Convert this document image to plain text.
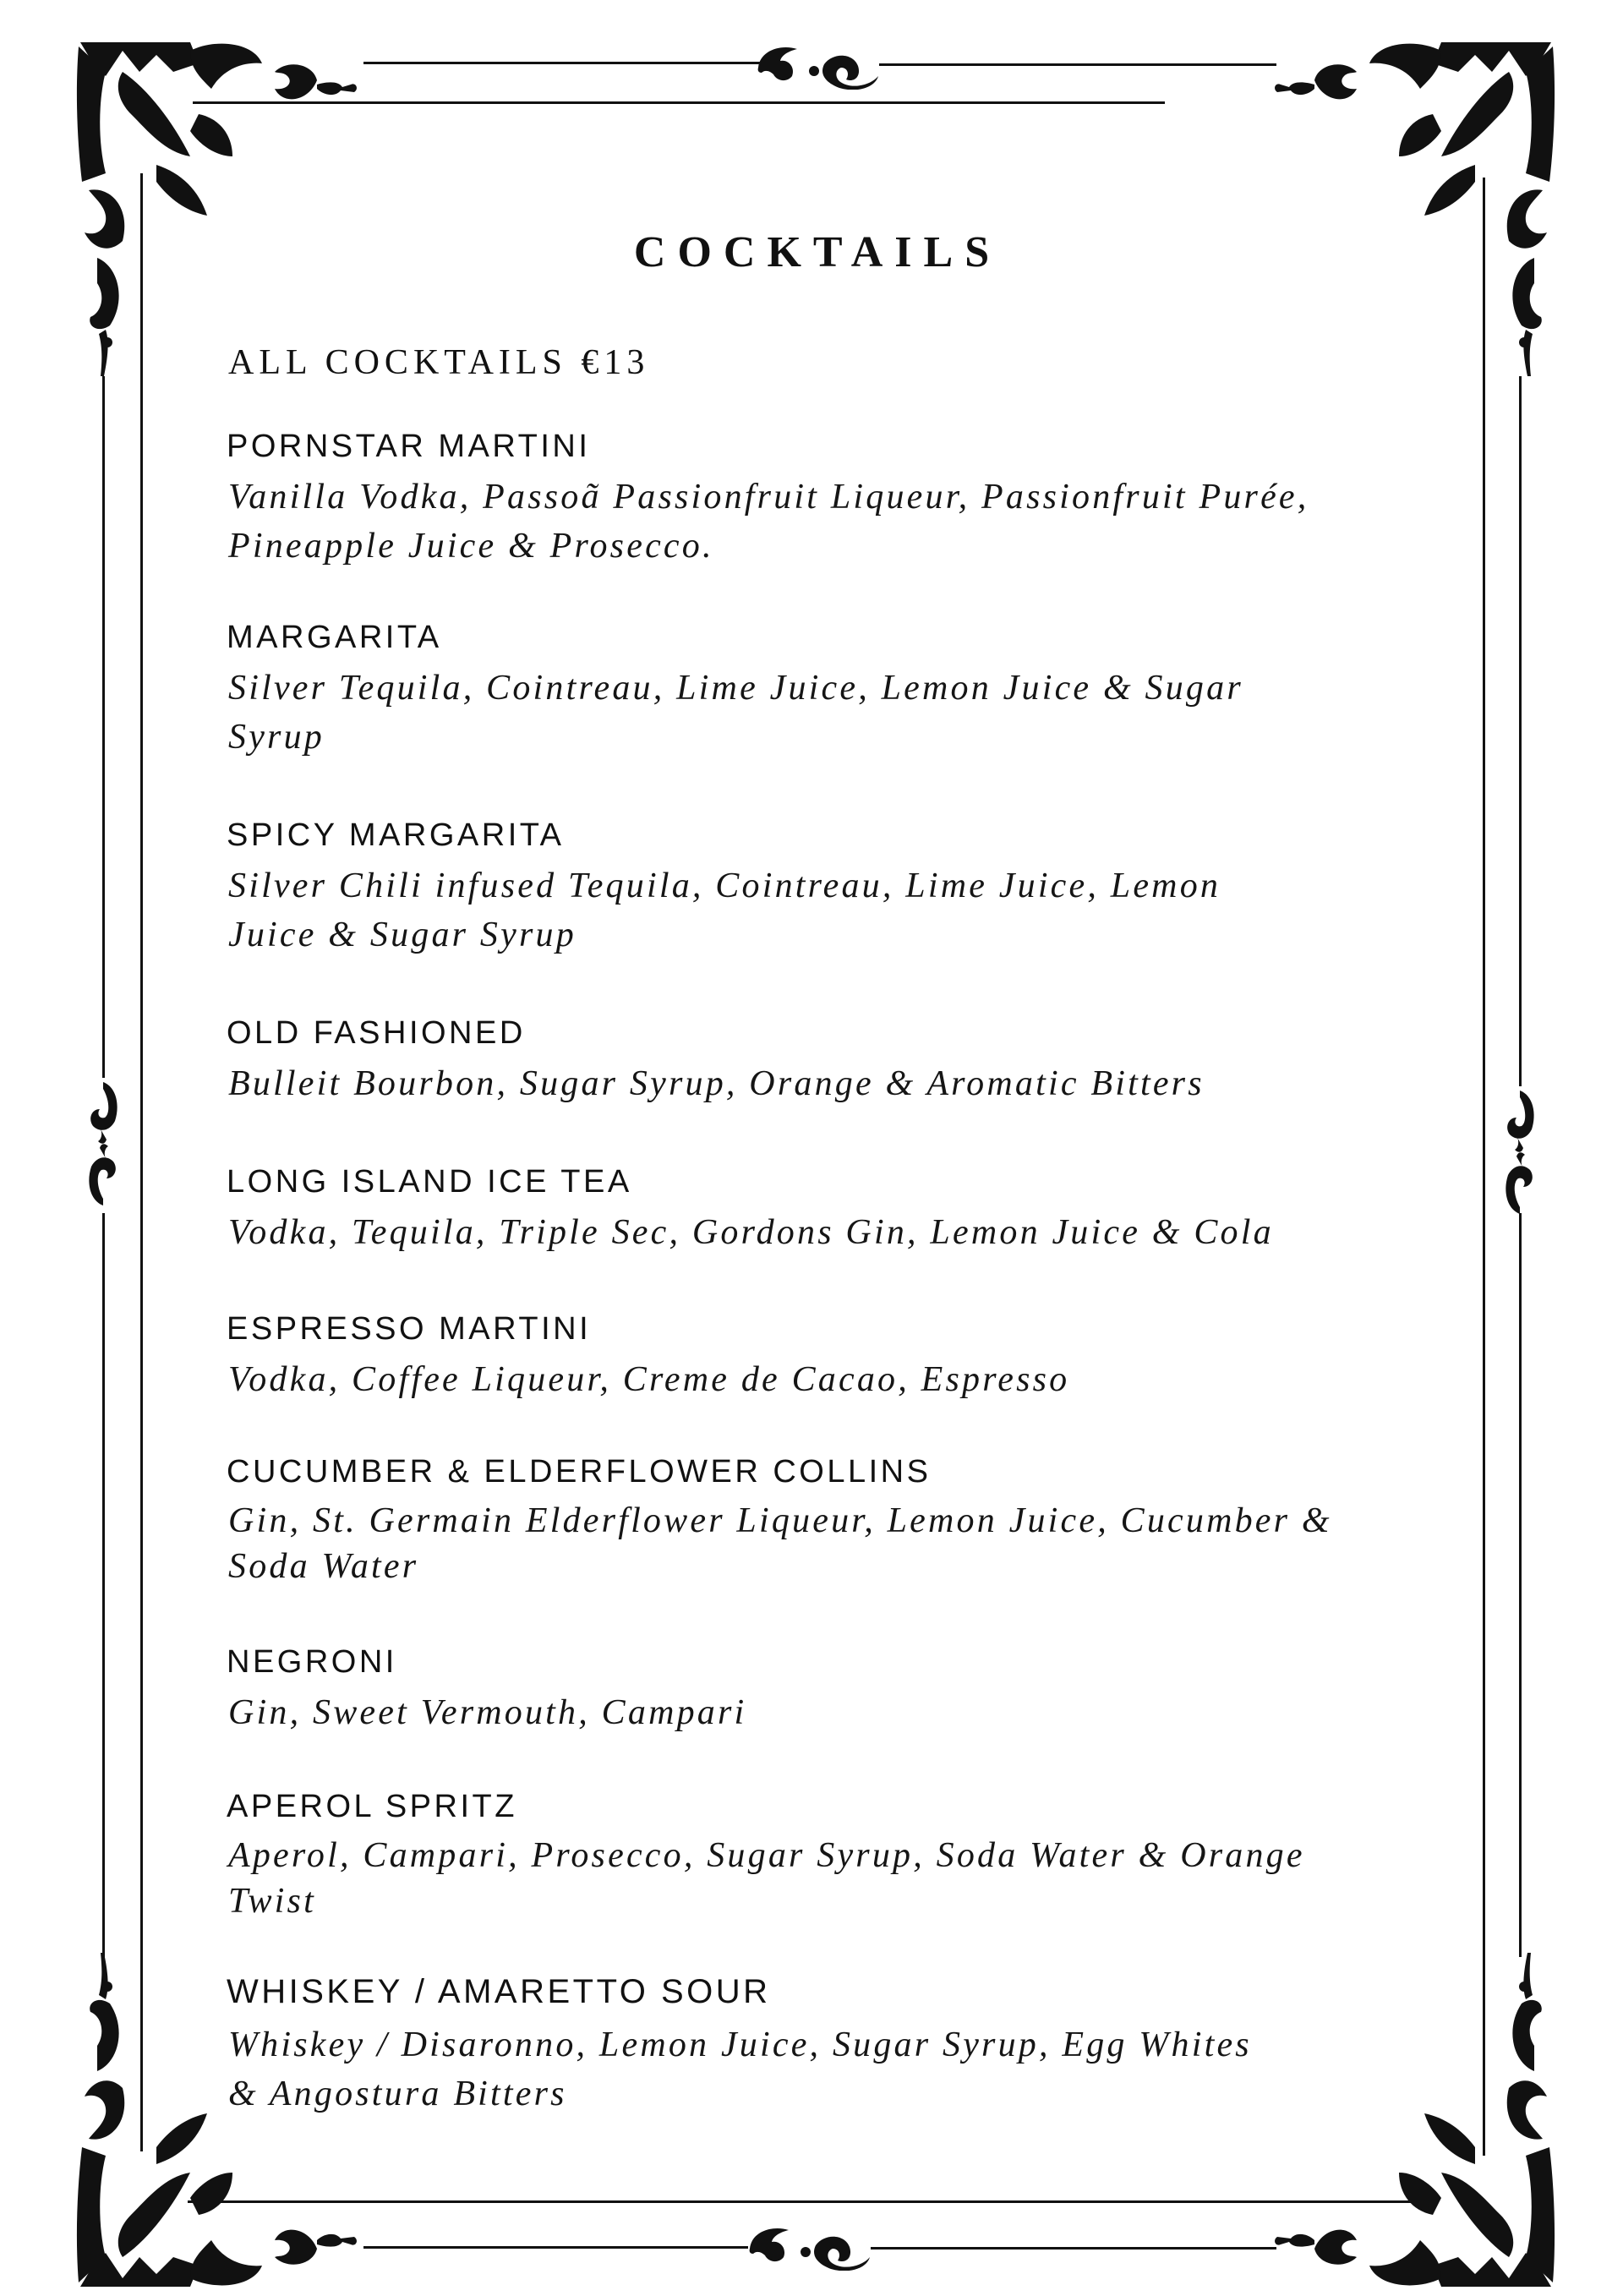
COCKTAILS
ALL COCKTAILS €13
PORNSTAR MARTINI
Vanilla Vodka, Passoã Passionfruit Liqueur, Passionfruit Purée,
Pineapple Juice & Prosecco.
MARGARITA
Silver Tequila, Cointreau, Lime Juice, Lemon Juice & Sugar
Syrup
SPICY MARGARITA
Silver Chili infused Tequila, Cointreau, Lime Juice, Lemon
Juice & Sugar Syrup
OLD FASHIONED
Bulleit Bourbon, Sugar Syrup, Orange & Aromatic Bitters
LONG ISLAND ICE TEA
Vodka, Tequila, Triple Sec, Gordons Gin, Lemon Juice & Cola
ESPRESSO MARTINI
Vodka, Coffee Liqueur, Creme de Cacao, Espresso
CUCUMBER & ELDERFLOWER COLLINS
Gin, St. Germain Elderflower Liqueur, Lemon Juice, Cucumber &
Soda Water
NEGRONI
Gin, Sweet Vermouth, Campari
APEROL SPRITZ
Aperol, Campari, Prosecco, Sugar Syrup, Soda Water & Orange
Twist
WHISKEY / AMARETTO SOUR
Whiskey / Disaronno, Lemon Juice, Sugar Syrup, Egg Whites
& Angostura Bitters
